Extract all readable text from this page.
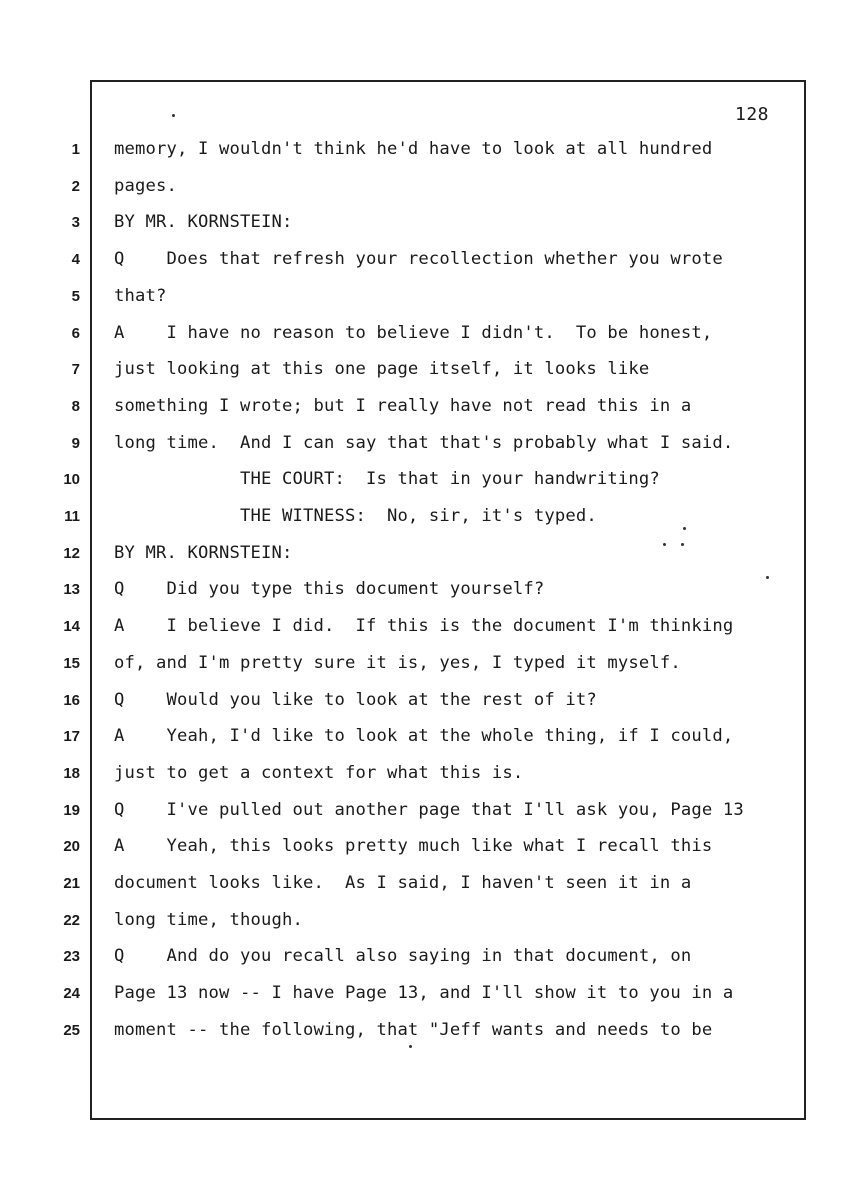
128
1 memory, I wouldn't think he'd have to look at all hundred
2 pages.
3 BY MR. KORNSTEIN:
4 Q    Does that refresh your recollection whether you wrote
5 that?
6 A    I have no reason to believe I didn't.  To be honest,
7 just looking at this one page itself, it looks like
8 something I wrote; but I really have not read this in a
9 long time.  And I can say that that's probably what I said.
10 THE COURT:  Is that in your handwriting?
11 THE WITNESS:  No, sir, it's typed.
12 BY MR. KORNSTEIN:
13 Q    Did you type this document yourself?
14 A    I believe I did.  If this is the document I'm thinking
15 of, and I'm pretty sure it is, yes, I typed it myself.
16 Q    Would you like to look at the rest of it?
17 A    Yeah, I'd like to look at the whole thing, if I could,
18 just to get a context for what this is.
19 Q    I've pulled out another page that I'll ask you, Page 13
20 A    Yeah, this looks pretty much like what I recall this
21 document looks like.  As I said, I haven't seen it in a
22 long time, though.
23 Q    And do you recall also saying in that document, on
24 Page 13 now -- I have Page 13, and I'll show it to you in a
25 moment -- the following, that "Jeff wants and needs to be
